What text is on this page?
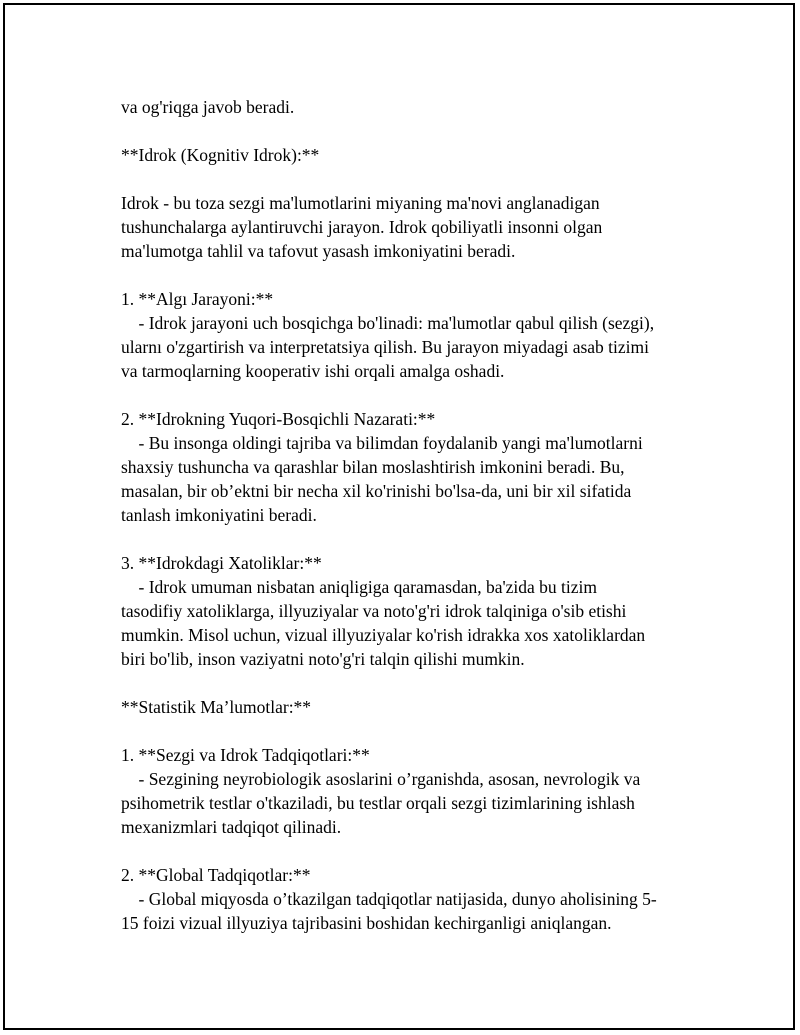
va og'riqga javob beradi.

**Idrok (Kognitiv Idrok):**

Idrok - bu toza sezgi ma'lumotlarini miyaning ma'novi anglanadigan

tushunchalarga aylantiruvchi jarayon. Idrok qobiliyatli insonni olgan

ma'lumotga tahlil va tafovut yasash imkoniyatini beradi.

1. **Algı Jarayoni:**

- Idrok jarayoni uch bosqichga bo'linadi: ma'lumotlar qabul qilish (sezgi),

ularnı o'zgartirish va interpretatsiya qilish. Bu jarayon miyadagi asab tizimi

va tarmoqlarning kooperativ ishi orqali amalga oshadi.

2. **Idrokning Yuqori-Bosqichli Nazarati:**

- Bu insonga oldingi tajriba va bilimdan foydalanib yangi ma'lumotlarni

shaxsiy tushuncha va qarashlar bilan moslashtirish imkonini beradi. Bu,

masalan, bir ob’ektni bir necha xil ko'rinishi bo'lsa-da, uni bir xil sifatida

tanlash imkoniyatini beradi.

3. **Idrokdagi Xatoliklar:**

- Idrok umuman nisbatan aniqligiga qaramasdan, ba'zida bu tizim

tasodifiy xatoliklarga, illyuziyalar va noto'g'ri idrok talqiniga o'sib etishi

mumkin. Misol uchun, vizual illyuziyalar ko'rish idrakka xos xatoliklardan

biri bo'lib, inson vaziyatni noto'g'ri talqin qilishi mumkin.

**Statistik Ma’lumotlar:**

1. **Sezgi va Idrok Tadqiqotlari:**

- Sezgining neyrobiologik asoslarini o’rganishda, asosan, nevrologik va

psihometrik testlar o'tkaziladi, bu testlar orqali sezgi tizimlarining ishlash

mexanizmlari tadqiqot qilinadi.

2. **Global Tadqiqotlar:**

- Global miqyosda o’tkazilgan tadqiqotlar natijasida, dunyo aholisining 5-

15 foizi vizual illyuziya tajribasini boshidan kechirganligi aniqlangan.
